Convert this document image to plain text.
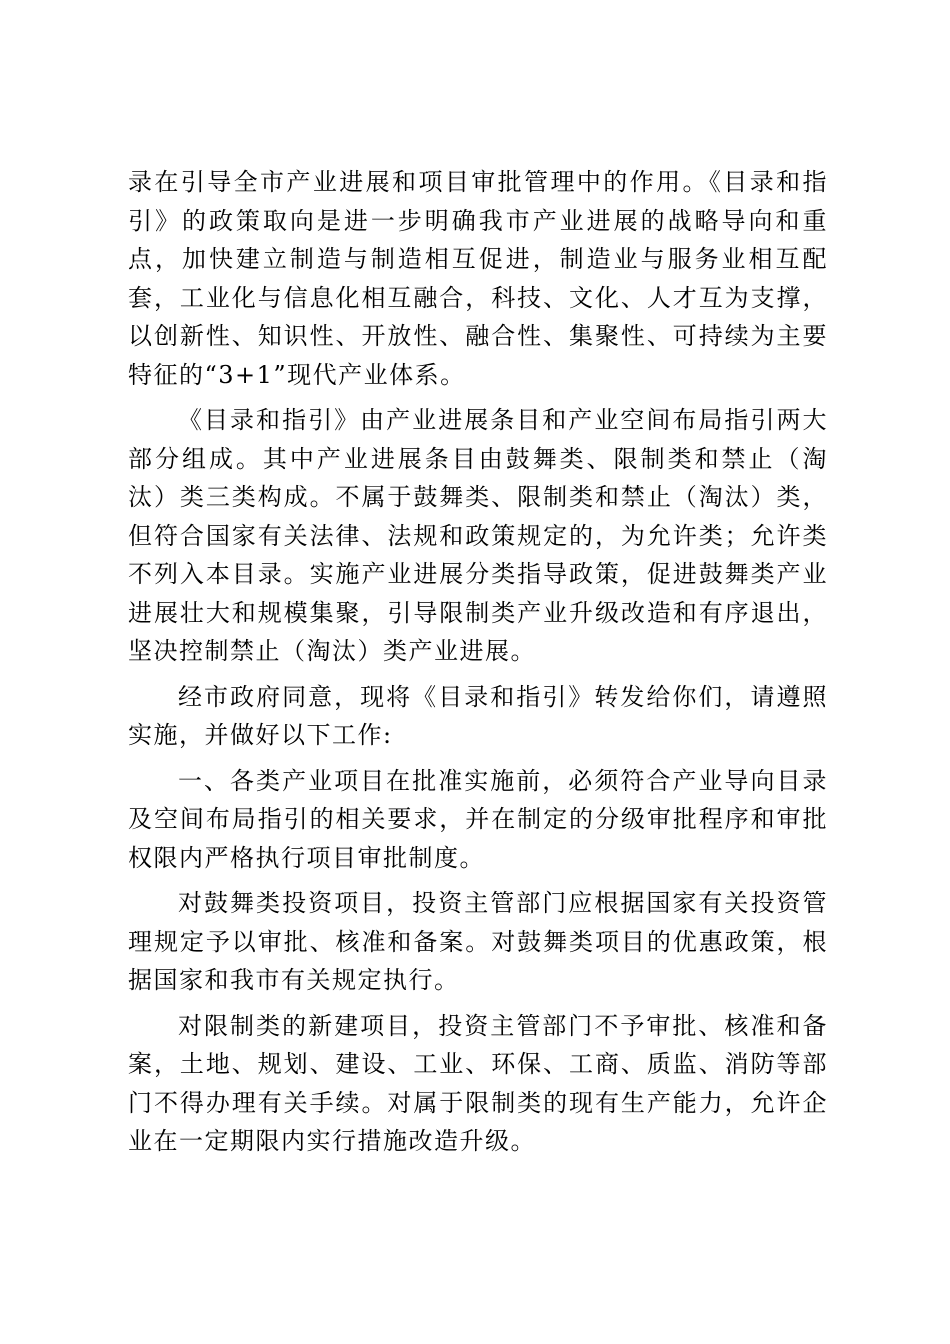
录在引导全市产业进展和项目审批管理中的作用。《目录和指引》的政策取向是进一步明确我市产业进展的战略导向和重点，加快建立制造与制造相互促进，制造业与服务业相互配套，工业化与信息化相互融合，科技、文化、人才互为支撑，以创新性、知识性、开放性、融合性、集聚性、可持续为主要特征的“3+1”现代产业体系。

《目录和指引》由产业进展条目和产业空间布局指引两大部分组成。其中产业进展条目由鼓舞类、限制类和禁止（淘汰）类三类构成。不属于鼓舞类、限制类和禁止（淘汰）类，但符合国家有关法律、法规和政策规定的，为允许类；允许类不列入本目录。实施产业进展分类指导政策，促进鼓舞类产业进展壮大和规模集聚，引导限制类产业升级改造和有序退出，坚决控制禁止（淘汰）类产业进展。

经市政府同意，现将《目录和指引》转发给你们，请遵照实施，并做好以下工作:

一、各类产业项目在批准实施前，必须符合产业导向目录及空间布局指引的相关要求，并在制定的分级审批程序和审批权限内严格执行项目审批制度。

对鼓舞类投资项目，投资主管部门应根据国家有关投资管理规定予以审批、核准和备案。对鼓舞类项目的优惠政策，根据国家和我市有关规定执行。

对限制类的新建项目，投资主管部门不予审批、核准和备案，土地、规划、建设、工业、环保、工商、质监、消防等部门不得办理有关手续。对属于限制类的现有生产能力，允许企业在一定期限内实行措施改造升级。
